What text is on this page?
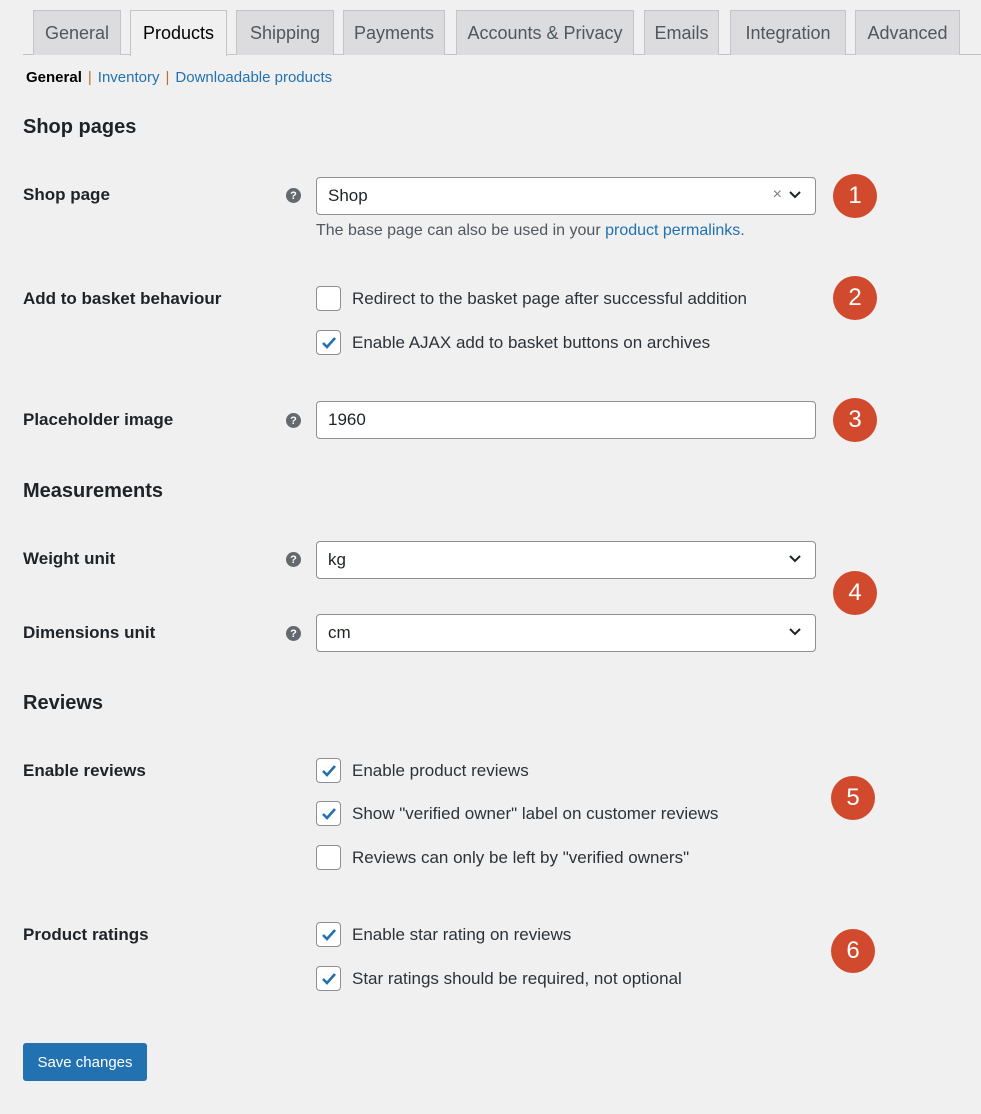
General	Products	Shipping	Payments	Accounts & Privacy	Emails	Integration	Advanced
General | Inventory | Downloadable products
Shop pages
Shop page	? Shop	×
The base page can also be used in your product permalinks.
1
Add to basket behaviour	Redirect to the basket page after successful addition
Enable AJAX add to basket buttons on archives
2
Placeholder image	? 1960	3
Measurements
Weight unit	? kg
Dimensions unit	? cm
4
Reviews
Enable reviews	Enable product reviews
Show "verified owner" label on customer reviews
Reviews can only be left by "verified owners"
5
Product ratings	Enable star rating on reviews
Star ratings should be required, not optional
6
Save changes
